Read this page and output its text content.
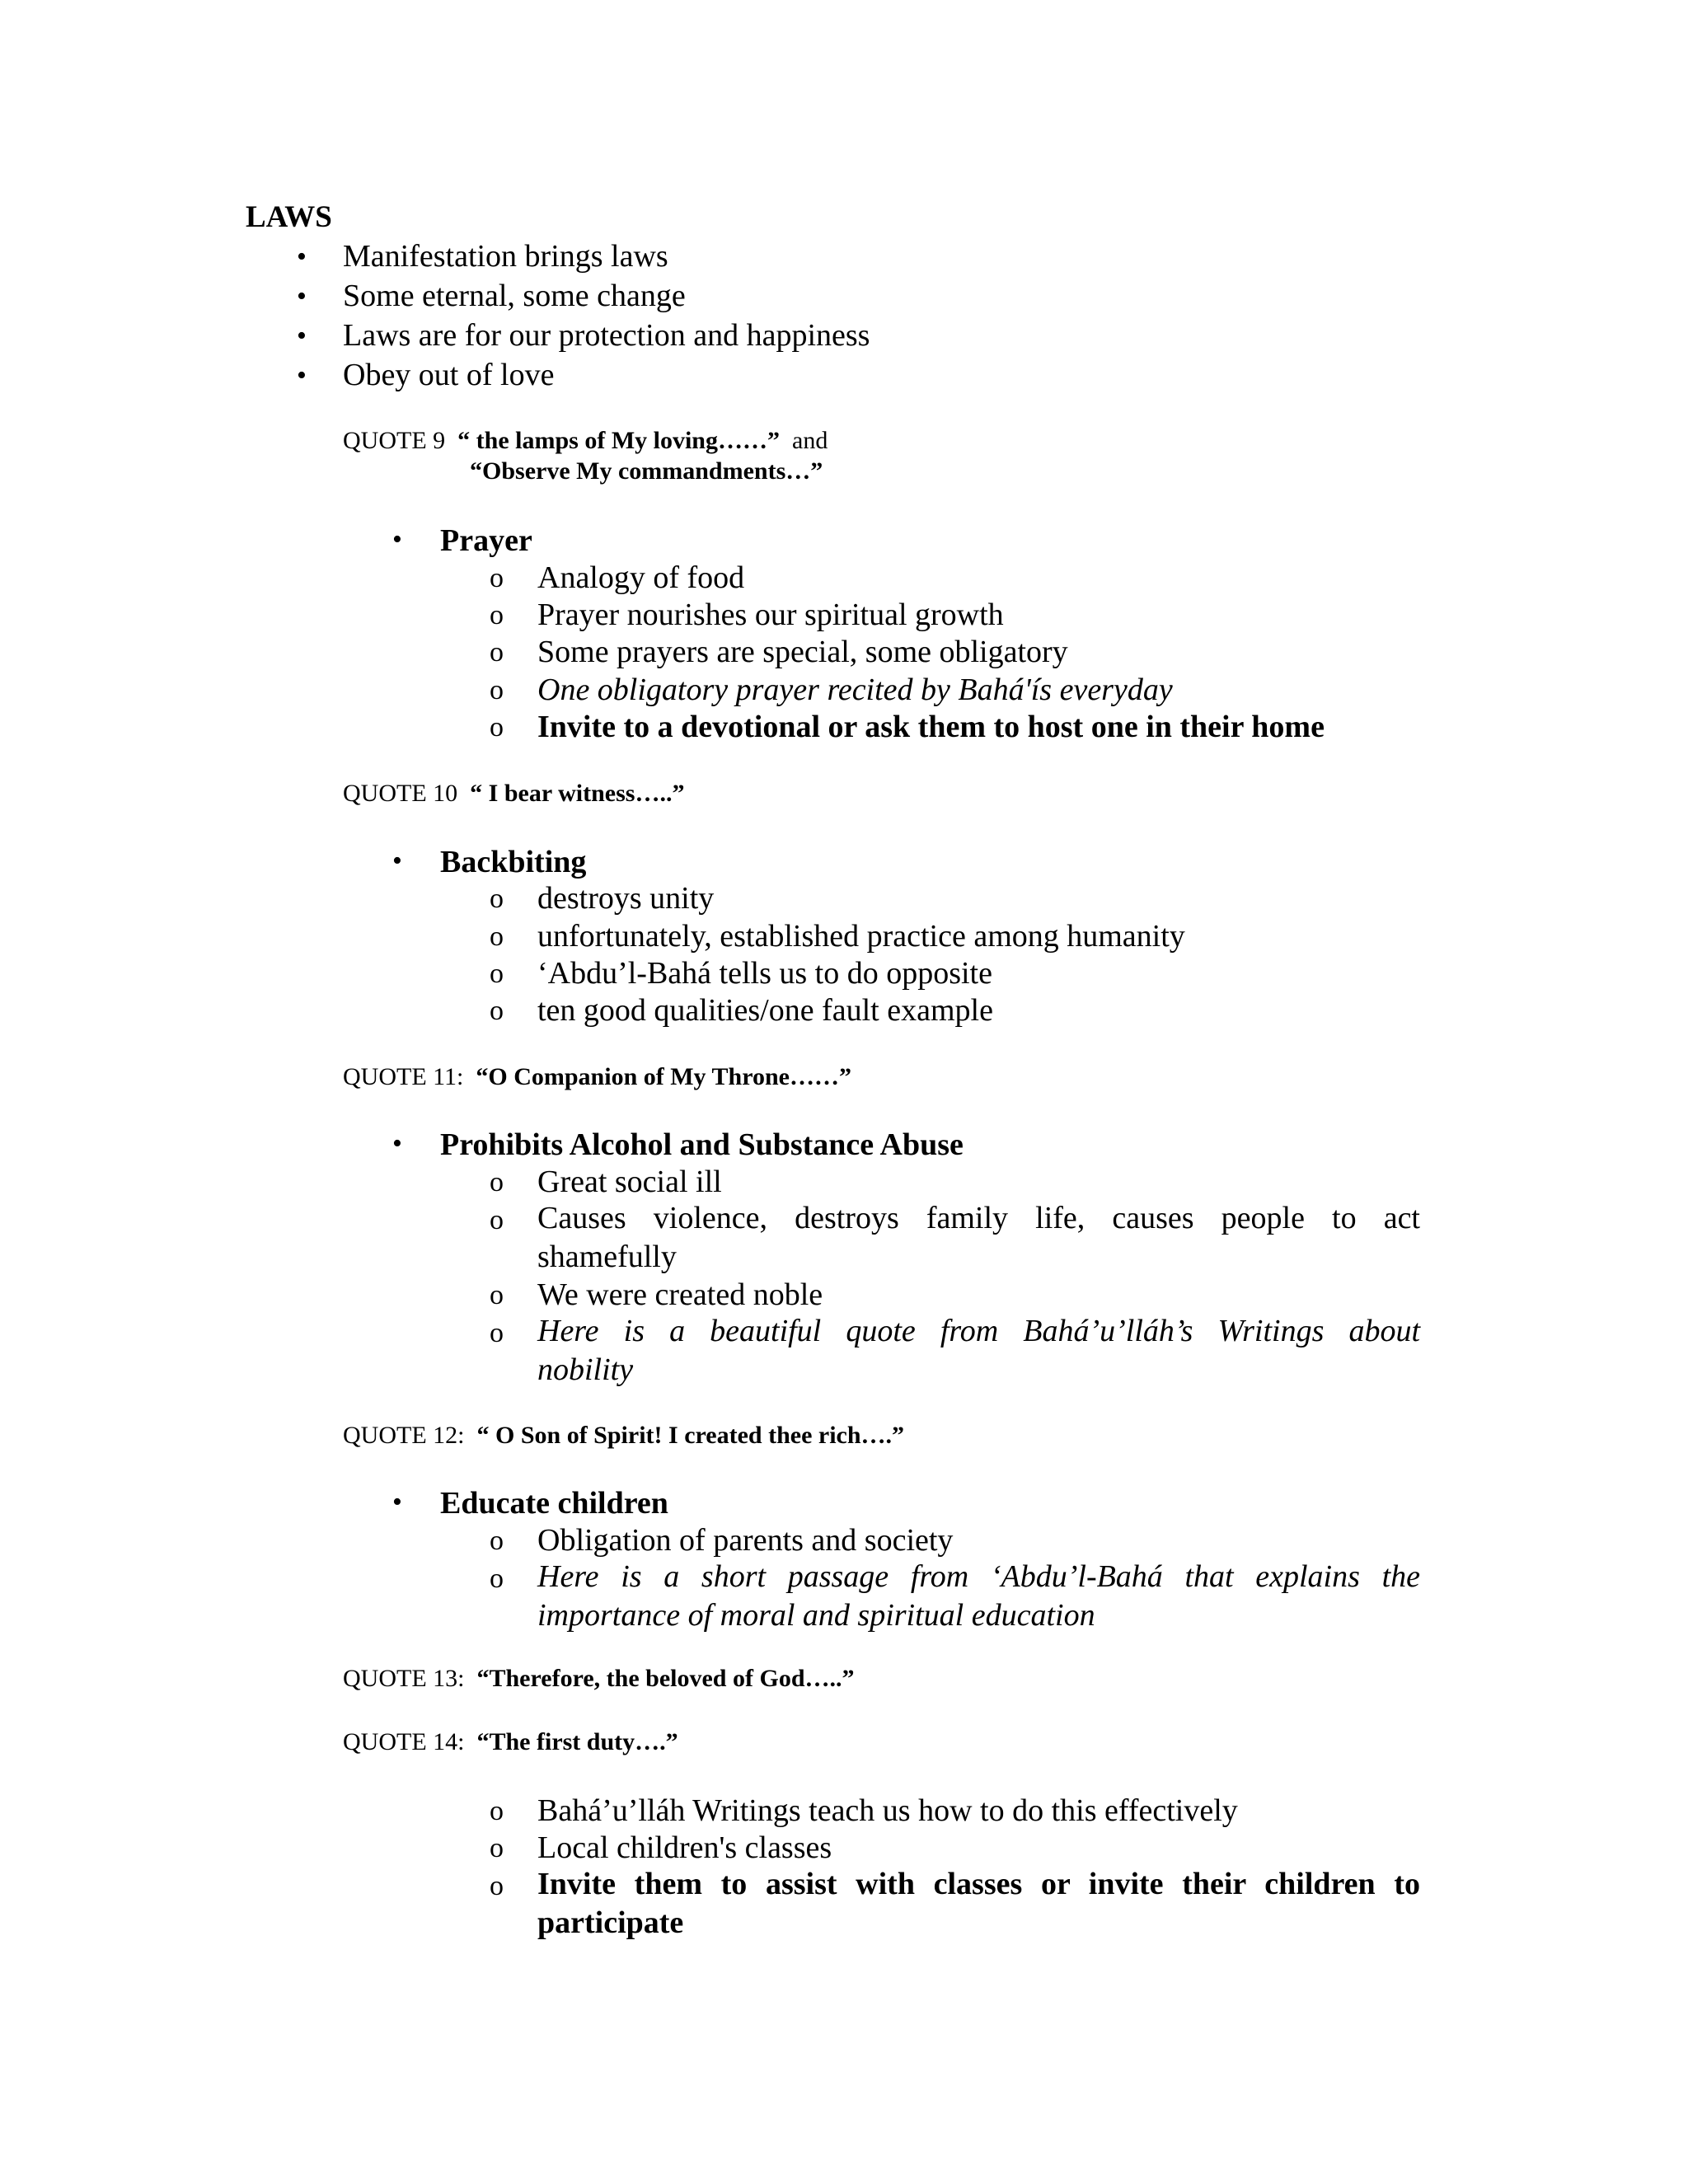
LAWS
• Manifestation brings laws
• Some eternal, some change
• Laws are for our protection and happiness
• Obey out of love
QUOTE 9 “ the lamps of My loving……” and
“Observe My commandments…”
• Prayer
o Analogy of food
o Prayer nourishes our spiritual growth
o Some prayers are special, some obligatory
o One obligatory prayer recited by Bahá'ís everyday
o Invite to a devotional or ask them to host one in their home
QUOTE 10 “ I bear witness…..”
• Backbiting
o destroys unity
o unfortunately, established practice among humanity
o ‘Abdu’l-Bahá tells us to do opposite
o ten good qualities/one fault example
QUOTE 11: “O Companion of My Throne……”
• Prohibits Alcohol and Substance Abuse
o Great social ill
o Causes violence, destroys family life, causes people to act
shamefully
o We were created noble
o Here is a beautiful quote from Bahá’u’lláh’s Writings about
nobility
QUOTE 12: “ O Son of Spirit! I created thee rich….”
• Educate children
o Obligation of parents and society
o Here is a short passage from ‘Abdu’l-Bahá that explains the
importance of moral and spiritual education
QUOTE 13: “Therefore, the beloved of God…..”
QUOTE 14: “The first duty….”
o Bahá’u’lláh Writings teach us how to do this effectively
o Local children's classes
o Invite them to assist with classes or invite their children to
participate
